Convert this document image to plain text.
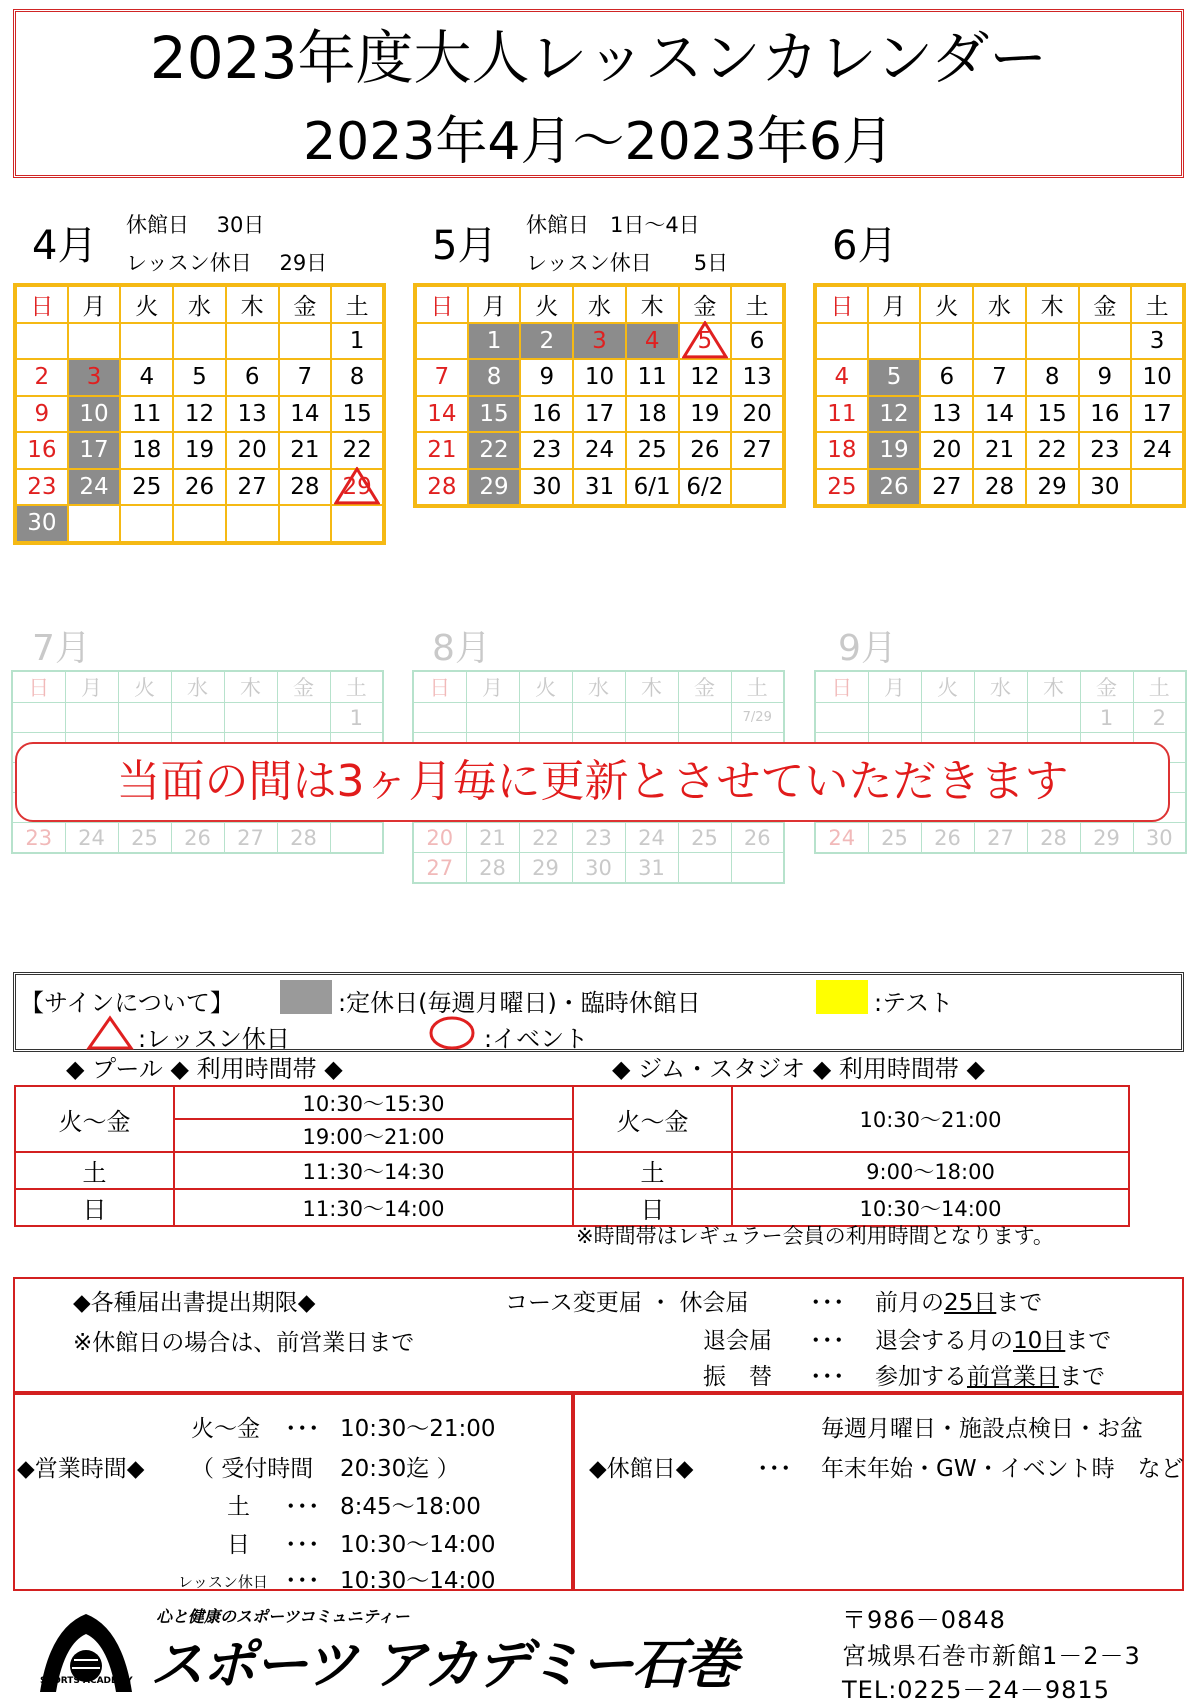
2023年度大人レッスンカレンダー
2023年4月～2023年6月
4月 休館日　 30日
レッスン休日　 29日	5月 休館日　1日～4日
レッスン休日　　5日	6月
日	月	火	水	木	金	土
						1
2	3	4	5	6	7	8
9	10	11	12	13	14	15
16	17	18	19	20	21	22
23	24	25	26	27	28	29
30						
日	月	火	水	木	金	土
	1	2	3	4	5	6
7	8	9	10	11	12	13
14	15	16	17	18	19	20
21	22	23	24	25	26	27
28	29	30	31	6/1	6/2	
日	月	火	水	木	金	土
						3
4	5	6	7	8	9	10
11	12	13	14	15	16	17
18	19	20	21	22	23	24
25	26	27	28	29	30	
7月	8月	9月
日	月	火	水	木	金	土
						1

23	24	25	26	27	28	
日	月	火	水	木	金	土
						7/29

20	21	22	23	24	25	26
27	28	29	30	31		
日	月	火	水	木	金	土
					1	2

24	25	26	27	28	29	30
当面の間は3ヶ月毎に更新とさせていただきます
【サインについて】	:定休日(毎週月曜日)・臨時休館日	:テスト
:レッスン休日	:イベント
◆ プール ◆ 利用時間帯 ◆	◆ ジム・スタジオ ◆ 利用時間帯 ◆
火～金	10:30～15:30
	19:00～21:00
土	11:30～14:30
日	11:30～14:00
火～金	10:30～21:00
土	9:00～18:00
日	10:30～14:00
※時間帯はレギュラー会員の利用時間となります。
◆各種届出書提出期限◆
※休館日の場合は、前営業日まで
コース変更届 ・ 休会届	･･･ 前月の25日まで
退会届 ･･･ 退会する月の10日まで
振　替 ･･･ 参加する前営業日まで
◆営業時間◆
火～金 ･･･ 10:30～21:00
（ 受付時間 20:30迄 ）
土 ･･･ 8:45～18:00
日 ･･･ 10:30～14:00
レッスン休日 ･･･ 10:30～14:00
◆休館日◆	･･･
毎週月曜日・施設点検日・お盆
年末年始・GW・イベント時　など
心と健康のスポーツコミュニティー
SPORTS ACADEMY スポーツ アカデミー石巻
〒986－0848
宮城県石巻市新館1－2－3
TEL:0225－24－9815
